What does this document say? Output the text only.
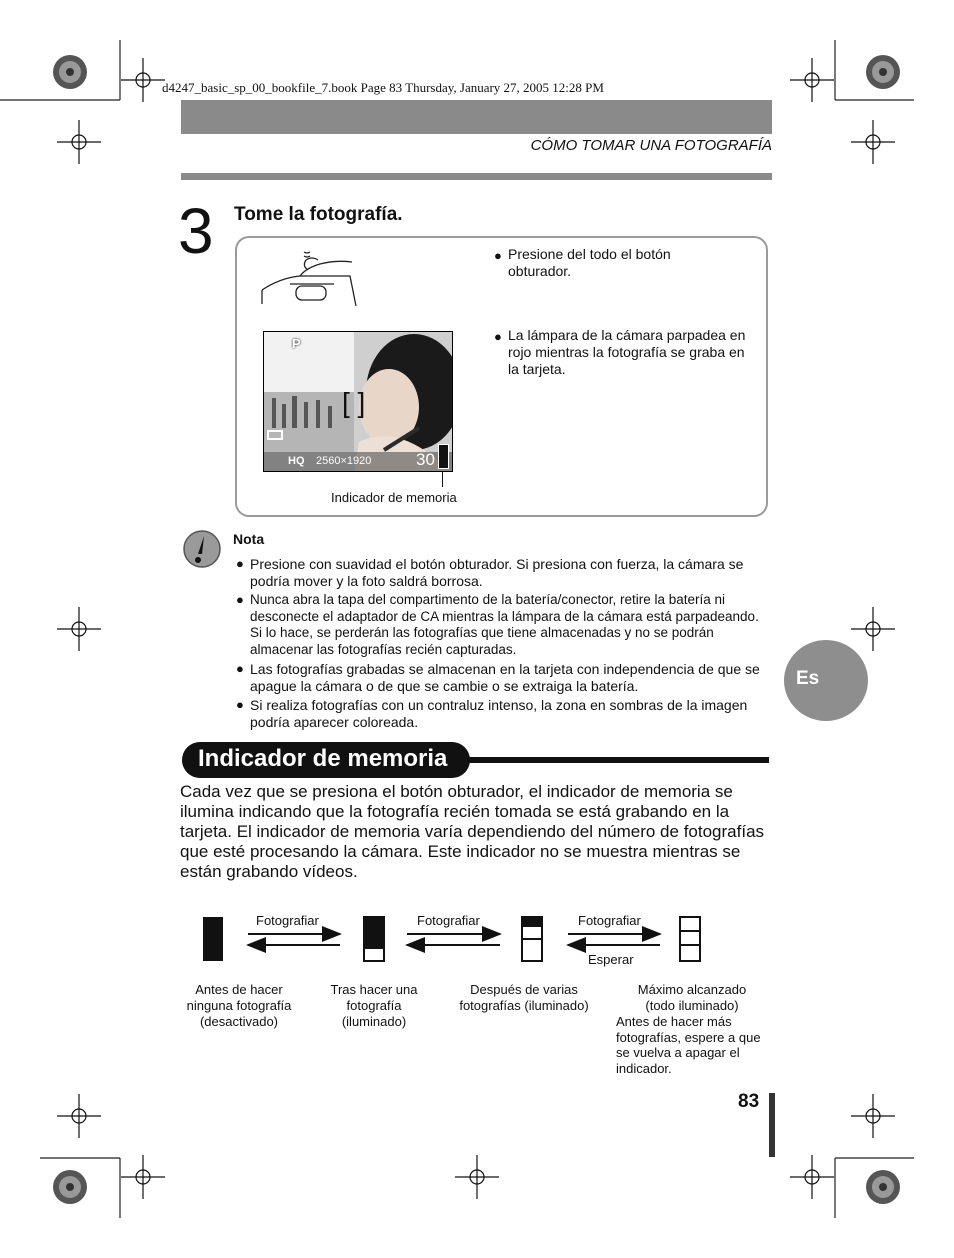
d4247_basic_sp_00_bookfile_7.book Page 83 Thursday, January 27, 2005 12:28 PM
CÓMO TOMAR UNA FOTOGRAFÍA
3 Tome la fotografía.
P
[ ]
HQ 2560×1920	30
Indicador de memoria
● Presione del todo el botón obturador.
● La lámpara de la cámara parpadea en rojo mientras la fotografía se graba en la tarjeta.
Nota
● Presione con suavidad el botón obturador. Si presiona con fuerza, la cámara se podría mover y la foto saldrá borrosa.
● Nunca abra la tapa del compartimento de la batería/conector, retire la batería ni desconecte el adaptador de CA mientras la lámpara de la cámara está parpadeando. Si lo hace, se perderán las fotografías que tiene almacenadas y no se podrán almacenar las fotografías recién capturadas.
● Las fotografías grabadas se almacenan en la tarjeta con independencia de que se apague la cámara o de que se cambie o se extraiga la batería.
● Si realiza fotografías con un contraluz intenso, la zona en sombras de la imagen podría aparecer coloreada.
Es
Indicador de memoria
Cada vez que se presiona el botón obturador, el indicador de memoria se ilumina indicando que la fotografía recién tomada se está grabando en la tarjeta. El indicador de memoria varía dependiendo del número de fotografías que esté procesando la cámara. Este indicador no se muestra mientras se están grabando vídeos.
Fotografiar	Fotografiar	Fotografiar
Esperar
Antes de hacer ninguna fotografía (desactivado)
Tras hacer una fotografía (iluminado)
Después de varias fotografías (iluminado)
Máximo alcanzado (todo iluminado)
Antes de hacer más fotografías, espere a que se vuelva a apagar el indicador.
83
